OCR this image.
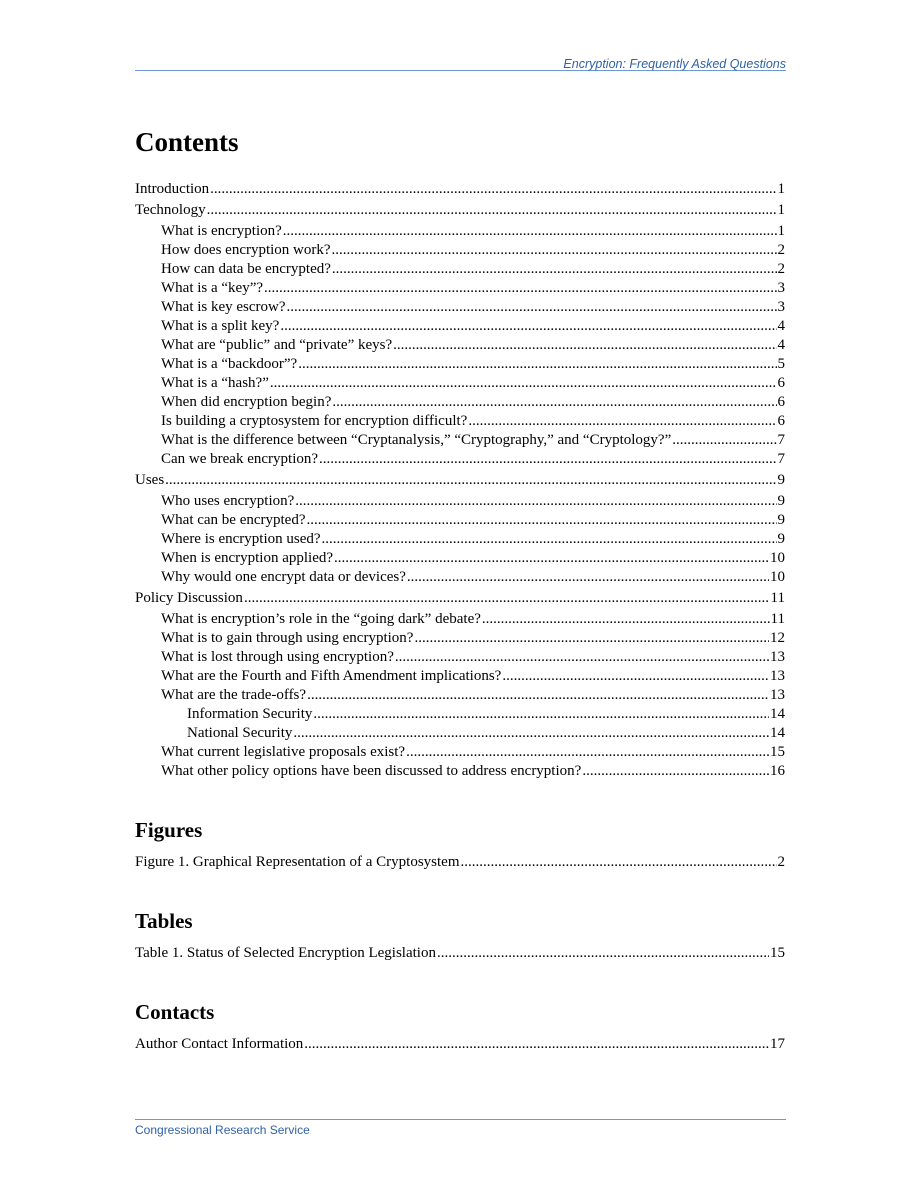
Encryption: Frequently Asked Questions
Contents
Introduction .....	1
Technology .....	1
What is encryption? .....	1
How does encryption work? .....	2
How can data be encrypted? .....	2
What is a “key”? .....	3
What is key escrow? .....	3
What is a split key? .....	4
What are “public” and “private” keys? .....	4
What is a “backdoor”? .....	5
What is a “hash?” .....	6
When did encryption begin? .....	6
Is building a cryptosystem for encryption difficult? .....	6
What is the difference between “Cryptanalysis,” “Cryptography,” and “Cryptology?” .....	7
Can we break encryption? .....	7
Uses .....	9
Who uses encryption? .....	9
What can be encrypted? .....	9
Where is encryption used? .....	9
When is encryption applied? .....	10
Why would one encrypt data or devices? .....	10
Policy Discussion .....	11
What is encryption’s role in the “going dark” debate? .....	11
What is to gain through using encryption? .....	12
What is lost through using encryption? .....	13
What are the Fourth and Fifth Amendment implications? .....	13
What are the trade-offs? .....	13
Information Security .....	14
National Security .....	14
What current legislative proposals exist? .....	15
What other policy options have been discussed to address encryption? .....	16
Figures
Figure 1. Graphical Representation of a Cryptosystem .....	2
Tables
Table 1. Status of Selected Encryption Legislation .....	15
Contacts
Author Contact Information .....	17
Congressional Research Service
